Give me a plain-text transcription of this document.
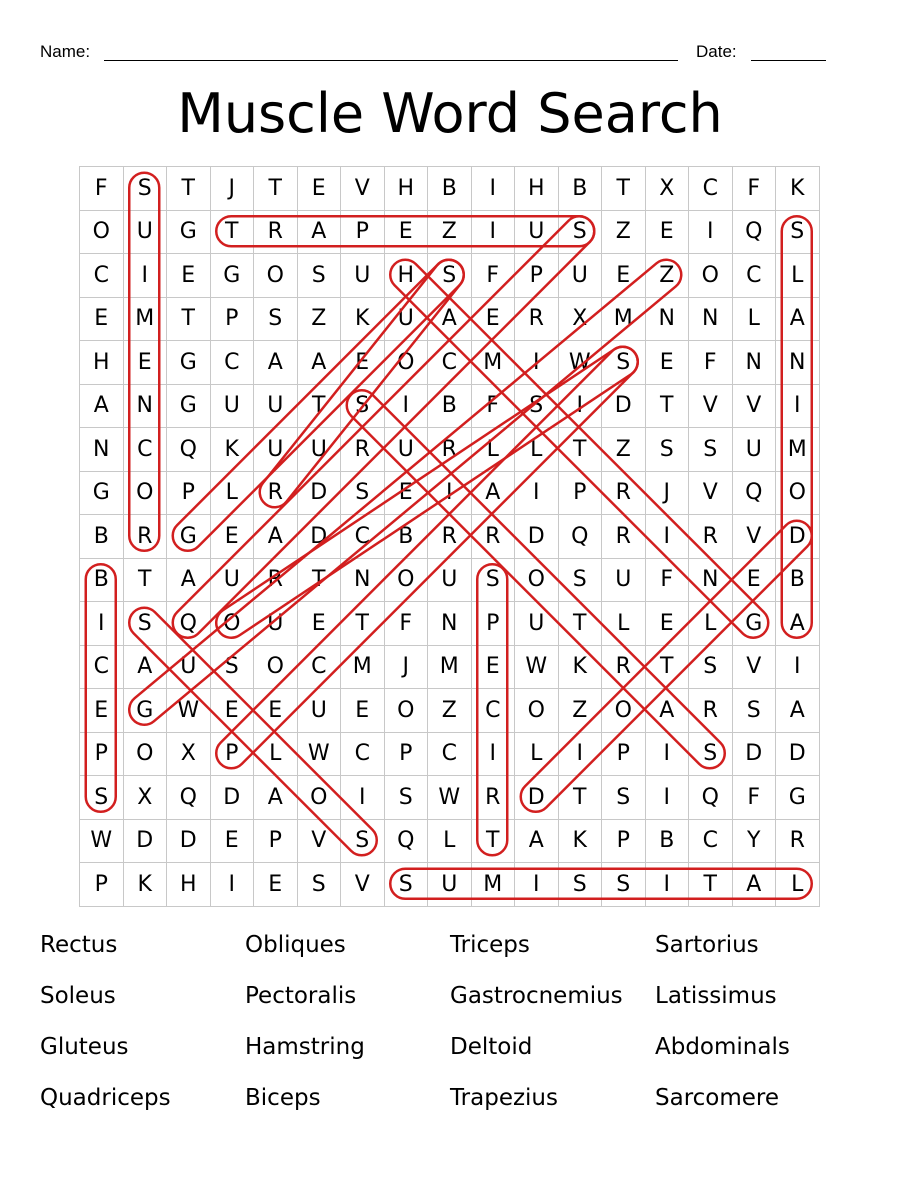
Name:	Date:
Muscle Word Search
F	S	T	J	T	E	V	H	B	I	H	B	T	X	C	F	K
O	U	G	T	R	A	P	E	Z	I	U	S	Z	E	I	Q	S
C	I	E	G	O	S	U	H	S	F	P	U	E	Z	O	C	L
E	M	T	P	S	Z	K	U	A	E	R	X	M	N	N	L	A
H	E	G	C	A	A	E	O	C	M	I	W	S	E	F	N	N
A	N	G	U	U	T	S	I	B	F	S	I	D	T	V	V	I
N	C	Q	K	U	U	R	U	R	L	L	T	Z	S	S	U	M
G	O	P	L	R	D	S	E	I	A	I	P	R	J	V	Q	O
B	R	G	E	A	D	C	B	R	R	D	Q	R	I	R	V	D
B	T	A	U	R	T	N	O	U	S	O	S	U	F	N	E	B
I	S	Q	O	U	E	T	F	N	P	U	T	L	E	L	G	A
C	A	U	S	O	C	M	J	M	E	W	K	R	T	S	V	I
E	G	W	E	E	U	E	O	Z	C	O	Z	O	A	R	S	A
P	O	X	P	L	W	C	P	C	I	L	I	P	I	S	D	D
S	X	Q	D	A	O	I	S	W	R	D	T	S	I	Q	F	G
W	D	D	E	P	V	S	Q	L	T	A	K	P	B	C	Y	R
P	K	H	I	E	S	V	S	U	M	I	S	S	I	T	A	L
Rectus	Obliques	Triceps	Sartorius
Soleus	Pectoralis	Gastrocnemius	Latissimus
Gluteus	Hamstring	Deltoid	Abdominals
Quadriceps	Biceps	Trapezius	Sarcomere
